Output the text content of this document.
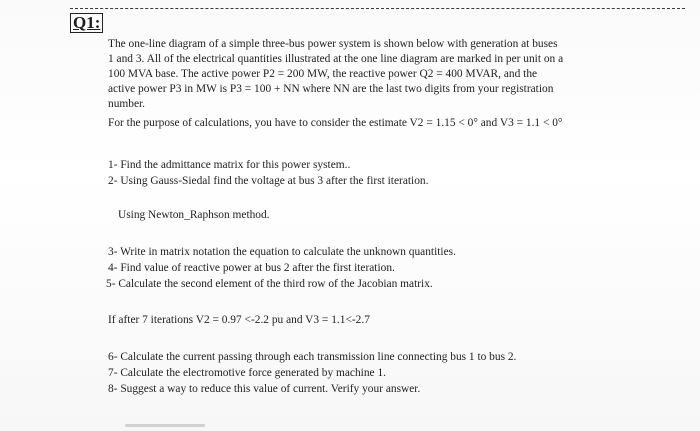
Q1:
The one-line diagram of a simple three-bus power system is shown below with generation at buses
1 and 3. All of the electrical quantities illustrated at the one line diagram are marked in per unit on a
100 MVA base. The active power P2 = 200 MW, the reactive power Q2 = 400 MVAR, and the
active power P3 in MW is P3 = 100 + NN where NN are the last two digits from your registration
number.
For the purpose of calculations, you have to consider the estimate V2 = 1.15 < 0° and V3 = 1.1 < 0°
1- Find the admittance matrix for this power system..
2- Using Gauss-Siedal find the voltage at bus 3 after the first iteration.
Using Newton_Raphson method.
3- Write in matrix notation the equation to calculate the unknown quantities.
4- Find value of reactive power at bus 2 after the first iteration.
5- Calculate the second element of the third row of the Jacobian matrix.
If after 7 iterations V2 = 0.97 <-2.2 pu and V3 = 1.1<-2.7
6- Calculate the current passing through each transmission line connecting bus 1 to bus 2.
7- Calculate the electromotive force generated by machine 1.
8- Suggest a way to reduce this value of current. Verify your answer.
